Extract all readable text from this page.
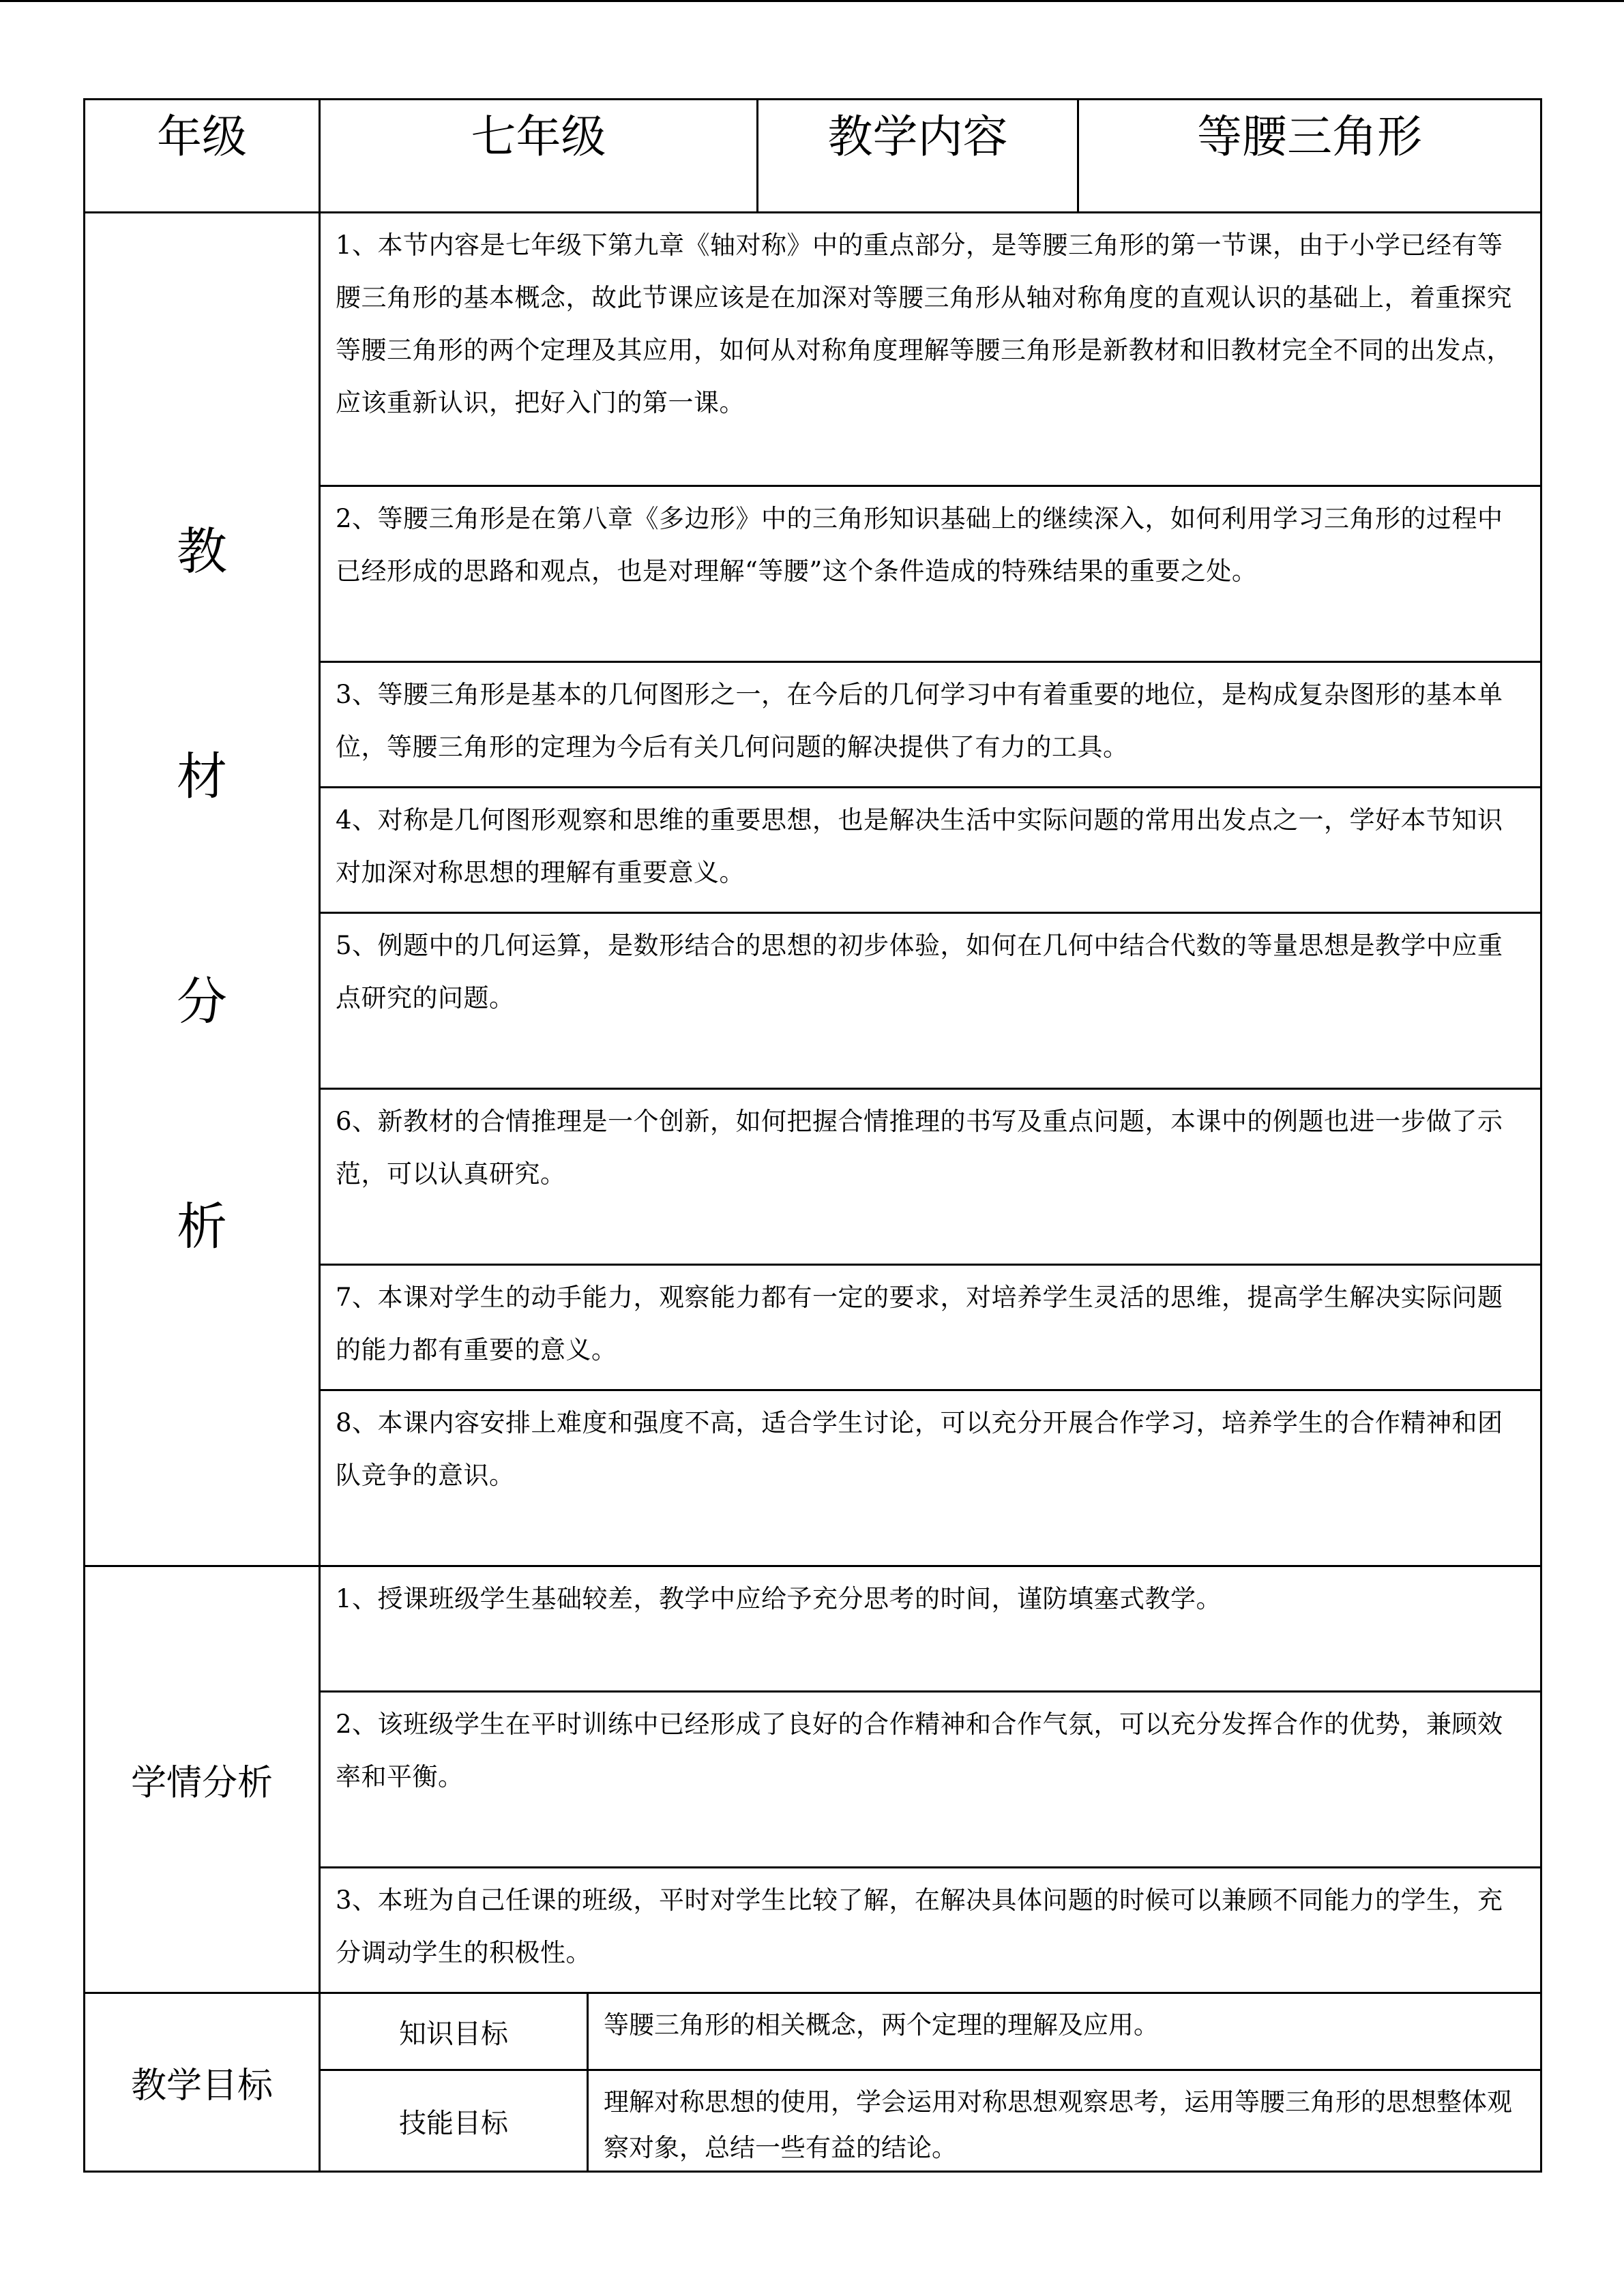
年级	七年级		教学内容	等腰三角形

教
材
分
析	1、本节内容是七年级下第九章《轴对称》中的重点部分，是等腰三角形的第一节课，由于小学已经有等腰三角形的基本概念，故此节课应该是在加深对等腰三角形从轴对称角度的直观认识的基础上，着重探究等腰三角形的两个定理及其应用，如何从对称角度理解等腰三角形是新教材和旧教材完全不同的出发点，应该重新认识，把好入门的第一课。			
	2、等腰三角形是在第八章《多边形》中的三角形知识基础上的继续深入，如何利用学习三角形的过程中已经形成的思路和观点，也是对理解“等腰”这个条件造成的特殊结果的重要之处。			
	3、等腰三角形是基本的几何图形之一，在今后的几何学习中有着重要的地位，是构成复杂图形的基本单位，等腰三角形的定理为今后有关几何问题的解决提供了有力的工具。			
	4、对称是几何图形观察和思维的重要思想，也是解决生活中实际问题的常用出发点之一，学好本节知识对加深对称思想的理解有重要意义。			
	5、例题中的几何运算，是数形结合的思想的初步体验，如何在几何中结合代数的等量思想是教学中应重点研究的问题。			
	6、新教材的合情推理是一个创新，如何把握合情推理的书写及重点问题，本课中的例题也进一步做了示范，可以认真研究。			
	7、本课对学生的动手能力，观察能力都有一定的要求，对培养学生灵活的思维，提高学生解决实际问题的能力都有重要的意义。			
	8、本课内容安排上难度和强度不高，适合学生讨论，可以充分开展合作学习，培养学生的合作精神和团队竞争的意识。			
学情分析	1、授课班级学生基础较差，教学中应给予充分思考的时间，谨防填塞式教学。			
	2、该班级学生在平时训练中已经形成了良好的合作精神和合作气氛，可以充分发挥合作的优势，兼顾效率和平衡。			
	3、本班为自己任课的班级，平时对学生比较了解，在解决具体问题的时候可以兼顾不同能力的学生，充分调动学生的积极性。			
教学目标	知识目标	等腰三角形的相关概念，两个定理的理解及应用。		
	技能目标	理解对称思想的使用，学会运用对称思想观察思考，运用等腰三角形的思想整体观察对象，总结一些有益的结论。		
